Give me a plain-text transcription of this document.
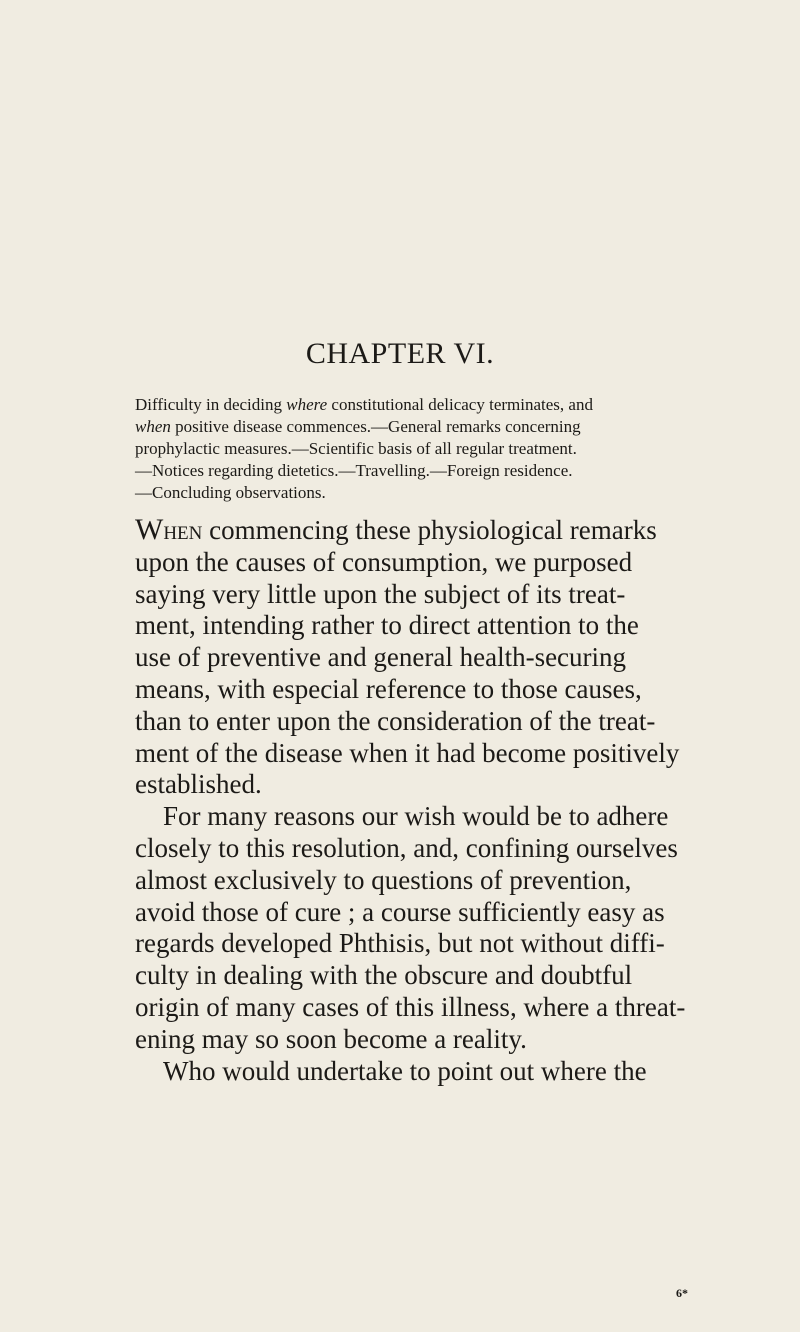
CHAPTER VI.
Difficulty in deciding where constitutional delicacy terminates, and
when positive disease commences.—General remarks concerning
prophylactic measures.—Scientific basis of all regular treatment.
—Notices regarding dietetics.—Travelling.—Foreign residence.
—Concluding observations.
When commencing these physiological remarks
upon the causes of consumption, we purposed
saying very little upon the subject of its treat-
ment, intending rather to direct attention to the
use of preventive and general health-securing
means, with especial reference to those causes,
than to enter upon the consideration of the treat-
ment of the disease when it had become positively
established.
For many reasons our wish would be to adhere
closely to this resolution, and, confining ourselves
almost exclusively to questions of prevention,
avoid those of cure ; a course sufficiently easy as
regards developed Phthisis, but not without diffi-
culty in dealing with the obscure and doubtful
origin of many cases of this illness, where a threat-
ening may so soon become a reality.
Who would undertake to point out where the

6*
